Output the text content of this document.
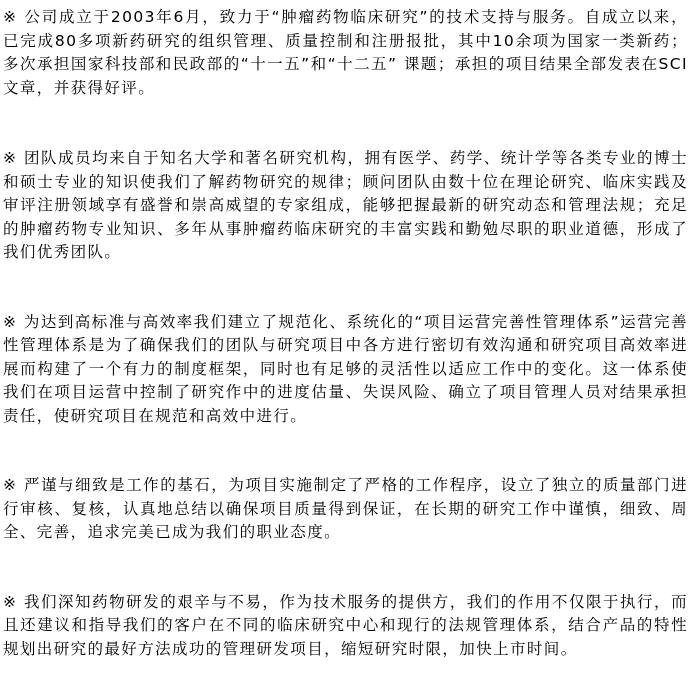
※ 公司成立于2003年6月，致力于“肿瘤药物临床研究”的技术支持与服务。自成立以来，已完成80多项新药研究的组织管理、质量控制和注册报批，其中10余项为国家一类新药；多次承担国家科技部和民政部的“十一五”和“十二五” 课题；承担的项目结果全部发表在SCI文章，并获得好评。

※ 团队成员均来自于知名大学和著名研究机构，拥有医学、药学、统计学等各类专业的博士和硕士专业的知识使我们了解药物研究的规律；顾问团队由数十位在理论研究、临床实践及审评注册领域享有盛誉和崇高威望的专家组成，能够把握最新的研究动态和管理法规；充足的肿瘤药物专业知识、多年从事肿瘤药临床研究的丰富实践和勤勉尽职的职业道德，形成了我们优秀团队。

※ 为达到高标准与高效率我们建立了规范化、系统化的“项目运营完善性管理体系”运营完善性管理体系是为了确保我们的团队与研究项目中各方进行密切有效沟通和研究项目高效率进展而构建了一个有力的制度框架，同时也有足够的灵活性以适应工作中的变化。这一体系使我们在项目运营中控制了研究作中的进度估量、失误风险、确立了项目管理人员对结果承担责任，使研究项目在规范和高效中进行。

※ 严谨与细致是工作的基石，为项目实施制定了严格的工作程序，设立了独立的质量部门进行审核、复核，认真地总结以确保项目质量得到保证，在长期的研究工作中谨慎，细致、周全、完善，追求完美已成为我们的职业态度。

※ 我们深知药物研发的艰辛与不易，作为技术服务的提供方，我们的作用不仅限于执行，而且还建议和指导我们的客户在不同的临床研究中心和现行的法规管理体系，结合产品的特性规划出研究的最好方法成功的管理研发项目，缩短研究时限，加快上市时间。
